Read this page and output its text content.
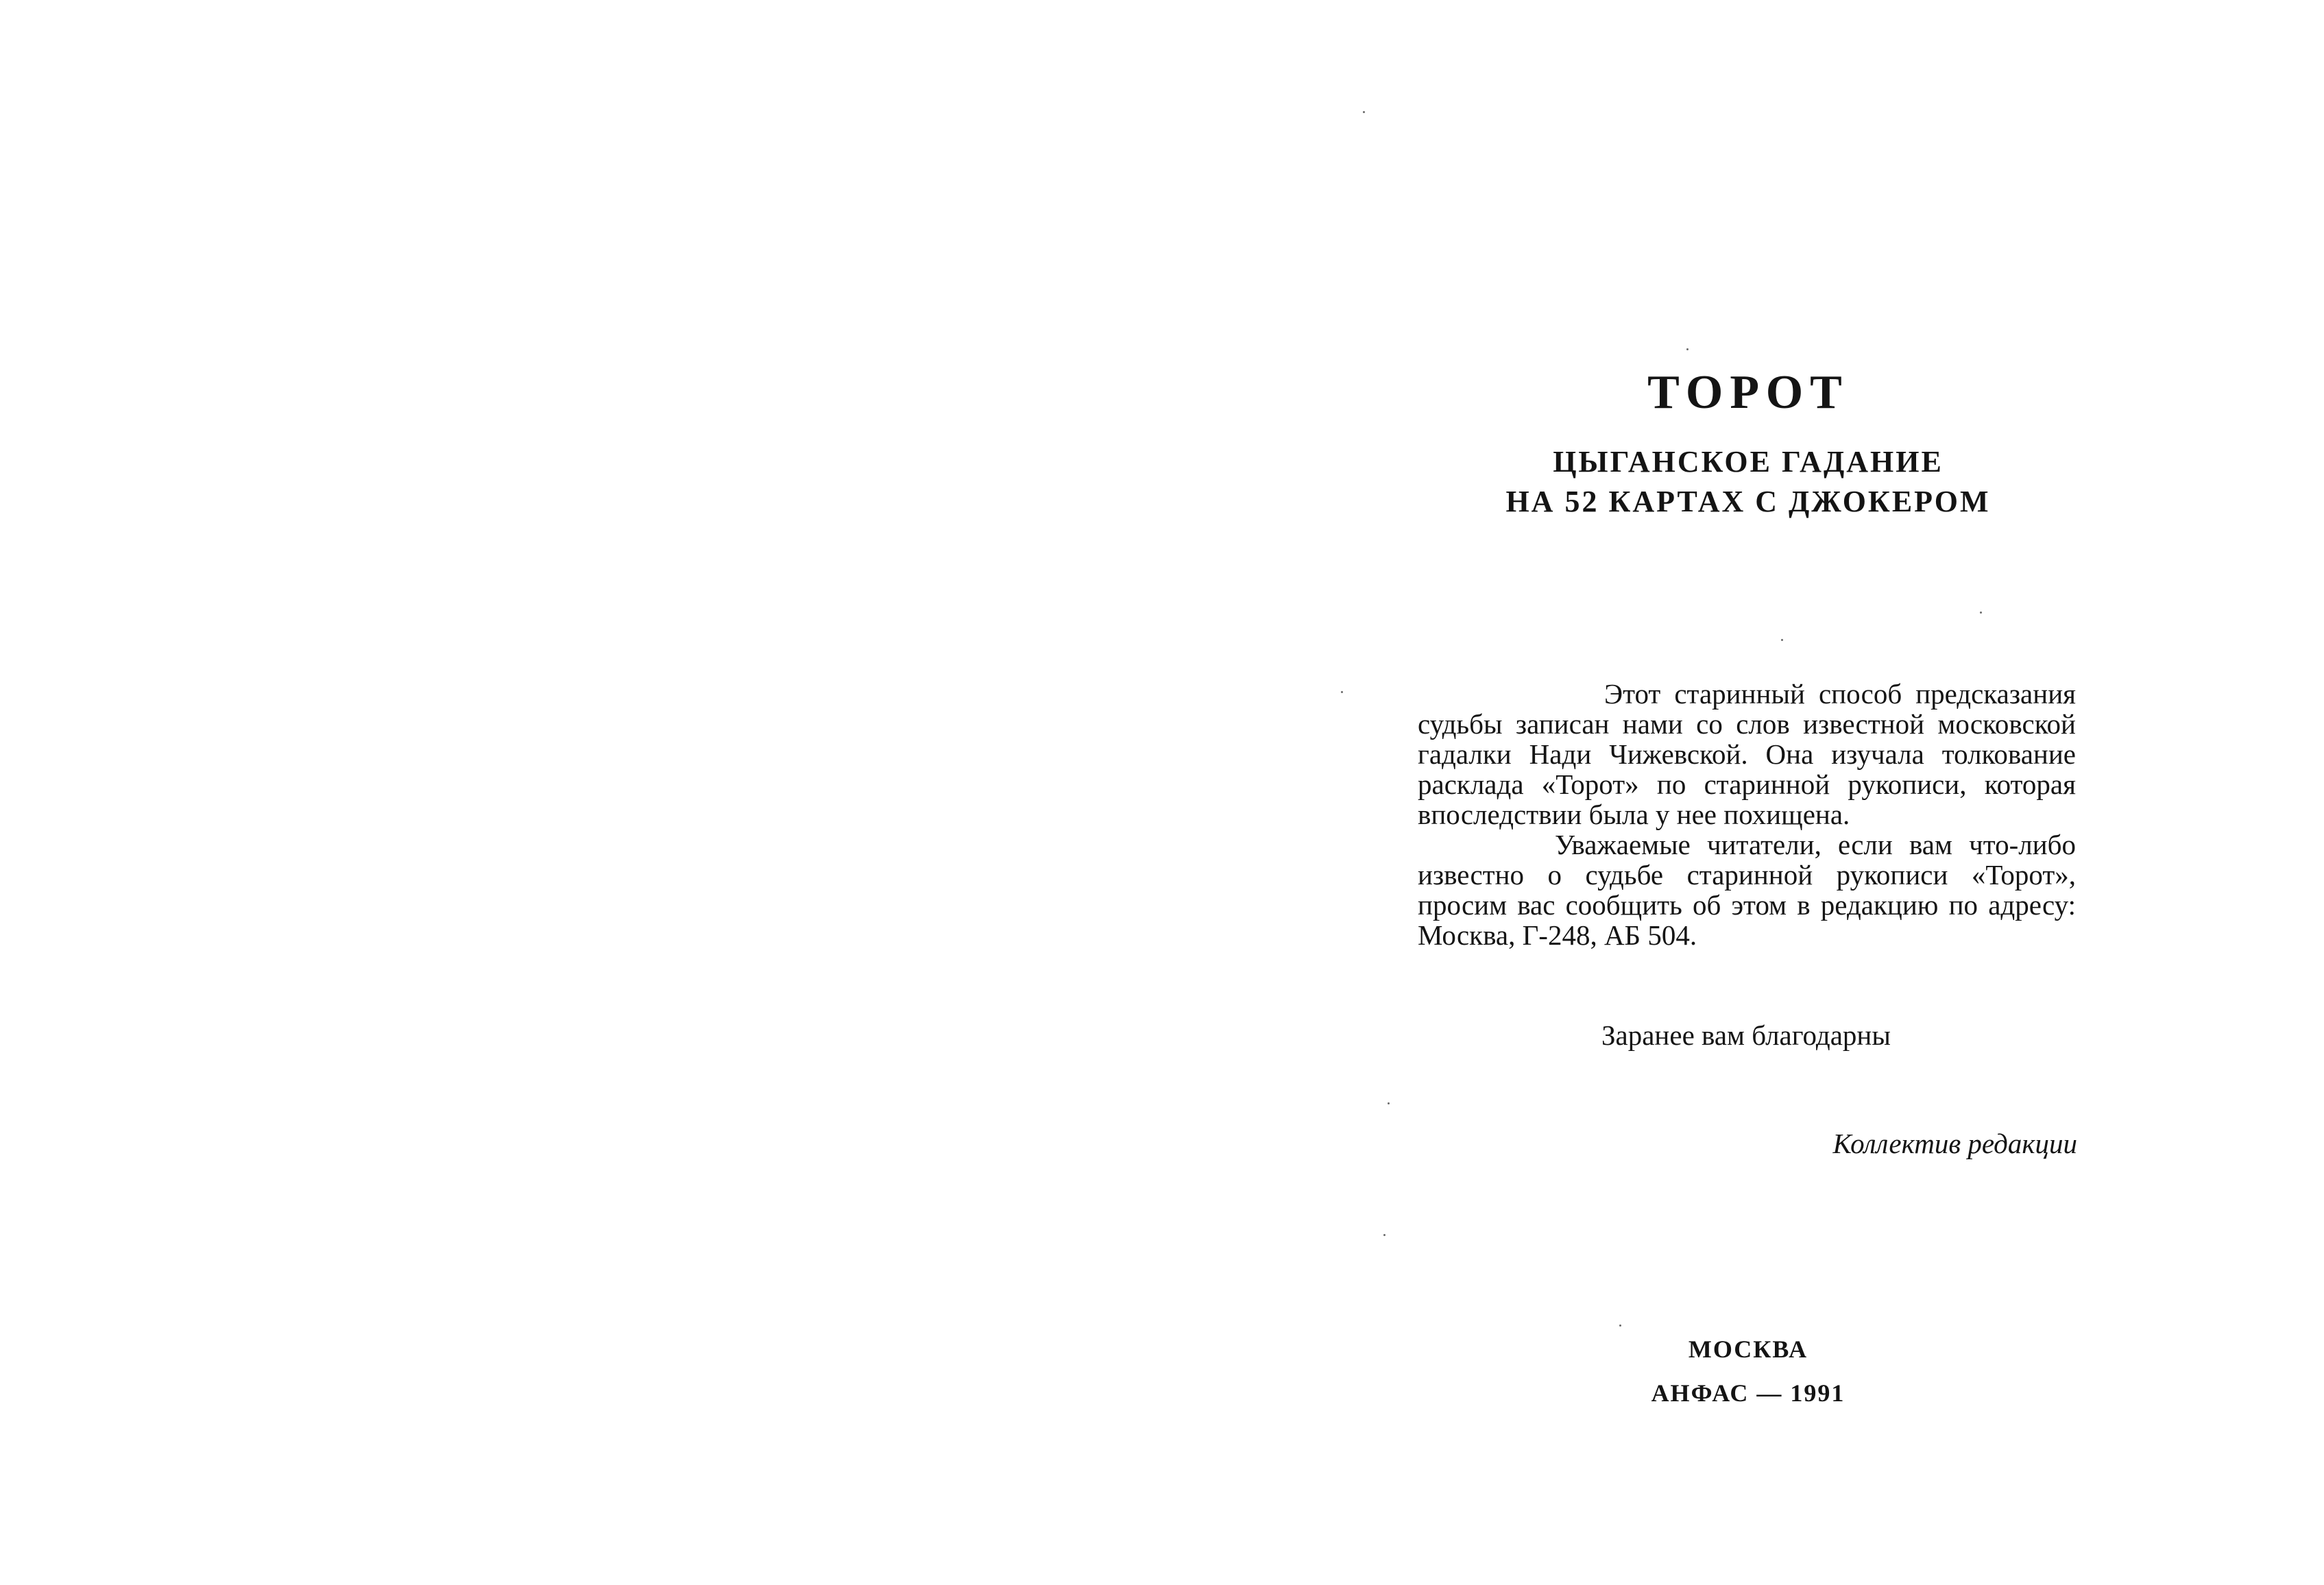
ТОРОТ
ЦЫГАНСКОЕ ГАДАНИЕ
НА 52 КАРТАХ С ДЖОКЕРОМ

Этот старинный способ предсказания судьбы записан нами со слов известной московской гадалки Нади Чижевской. Она изучала толкование расклада «Торот» по старинной рукописи, которая впоследствии была у нее похищена.

Уважаемые читатели, если вам что-либо известно о судьбе старинной рукописи «Торот», просим вас сообщить об этом в редакцию по адресу: Москва, Г-248, АБ 504.

Заранее вам благодарны
Коллектив редакции
МОСКВА
АНФАС — 1991
